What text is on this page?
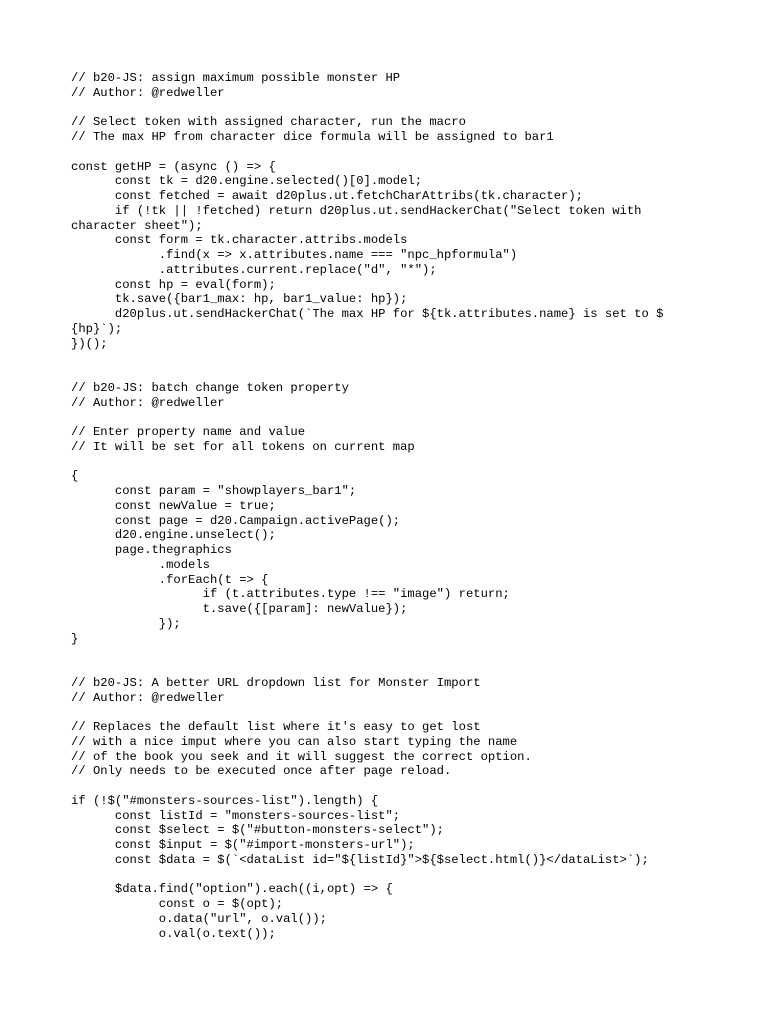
// b20-JS: assign maximum possible monster HP
// Author: @redweller
// Select token with assigned character, run the macro
// The max HP from character dice formula will be assigned to bar1
const getHP = (async () => {
const tk = d20.engine.selected()[0].model;
const fetched = await d20plus.ut.fetchCharAttribs(tk.character);
if (!tk || !fetched) return d20plus.ut.sendHackerChat("Select token with
character sheet");
const form = tk.character.attribs.models
.find(x => x.attributes.name === "npc_hpformula")
.attributes.current.replace("d", "*");
const hp = eval(form);
tk.save({bar1_max: hp, bar1_value: hp});
d20plus.ut.sendHackerChat(`The max HP for ${tk.attributes.name} is set to $
{hp}`);
})();
// b20-JS: batch change token property
// Author: @redweller
// Enter property name and value
// It will be set for all tokens on current map
{
const param = "showplayers_bar1";
const newValue = true;
const page = d20.Campaign.activePage();
d20.engine.unselect();
page.thegraphics
.models
.forEach(t => {
if (t.attributes.type !== "image") return;
t.save({[param]: newValue});
});
}
// b20-JS: A better URL dropdown list for Monster Import
// Author: @redweller
// Replaces the default list where it's easy to get lost
// with a nice imput where you can also start typing the name
// of the book you seek and it will suggest the correct option.
// Only needs to be executed once after page reload.
if (!$("#monsters-sources-list").length) {
const listId = "monsters-sources-list";
const $select = $("#button-monsters-select");
const $input = $("#import-monsters-url");
const $data = $(`<dataList id="${listId}">${$select.html()}</dataList>`);
$data.find("option").each((i,opt) => {
const o = $(opt);
o.data("url", o.val());
o.val(o.text());
